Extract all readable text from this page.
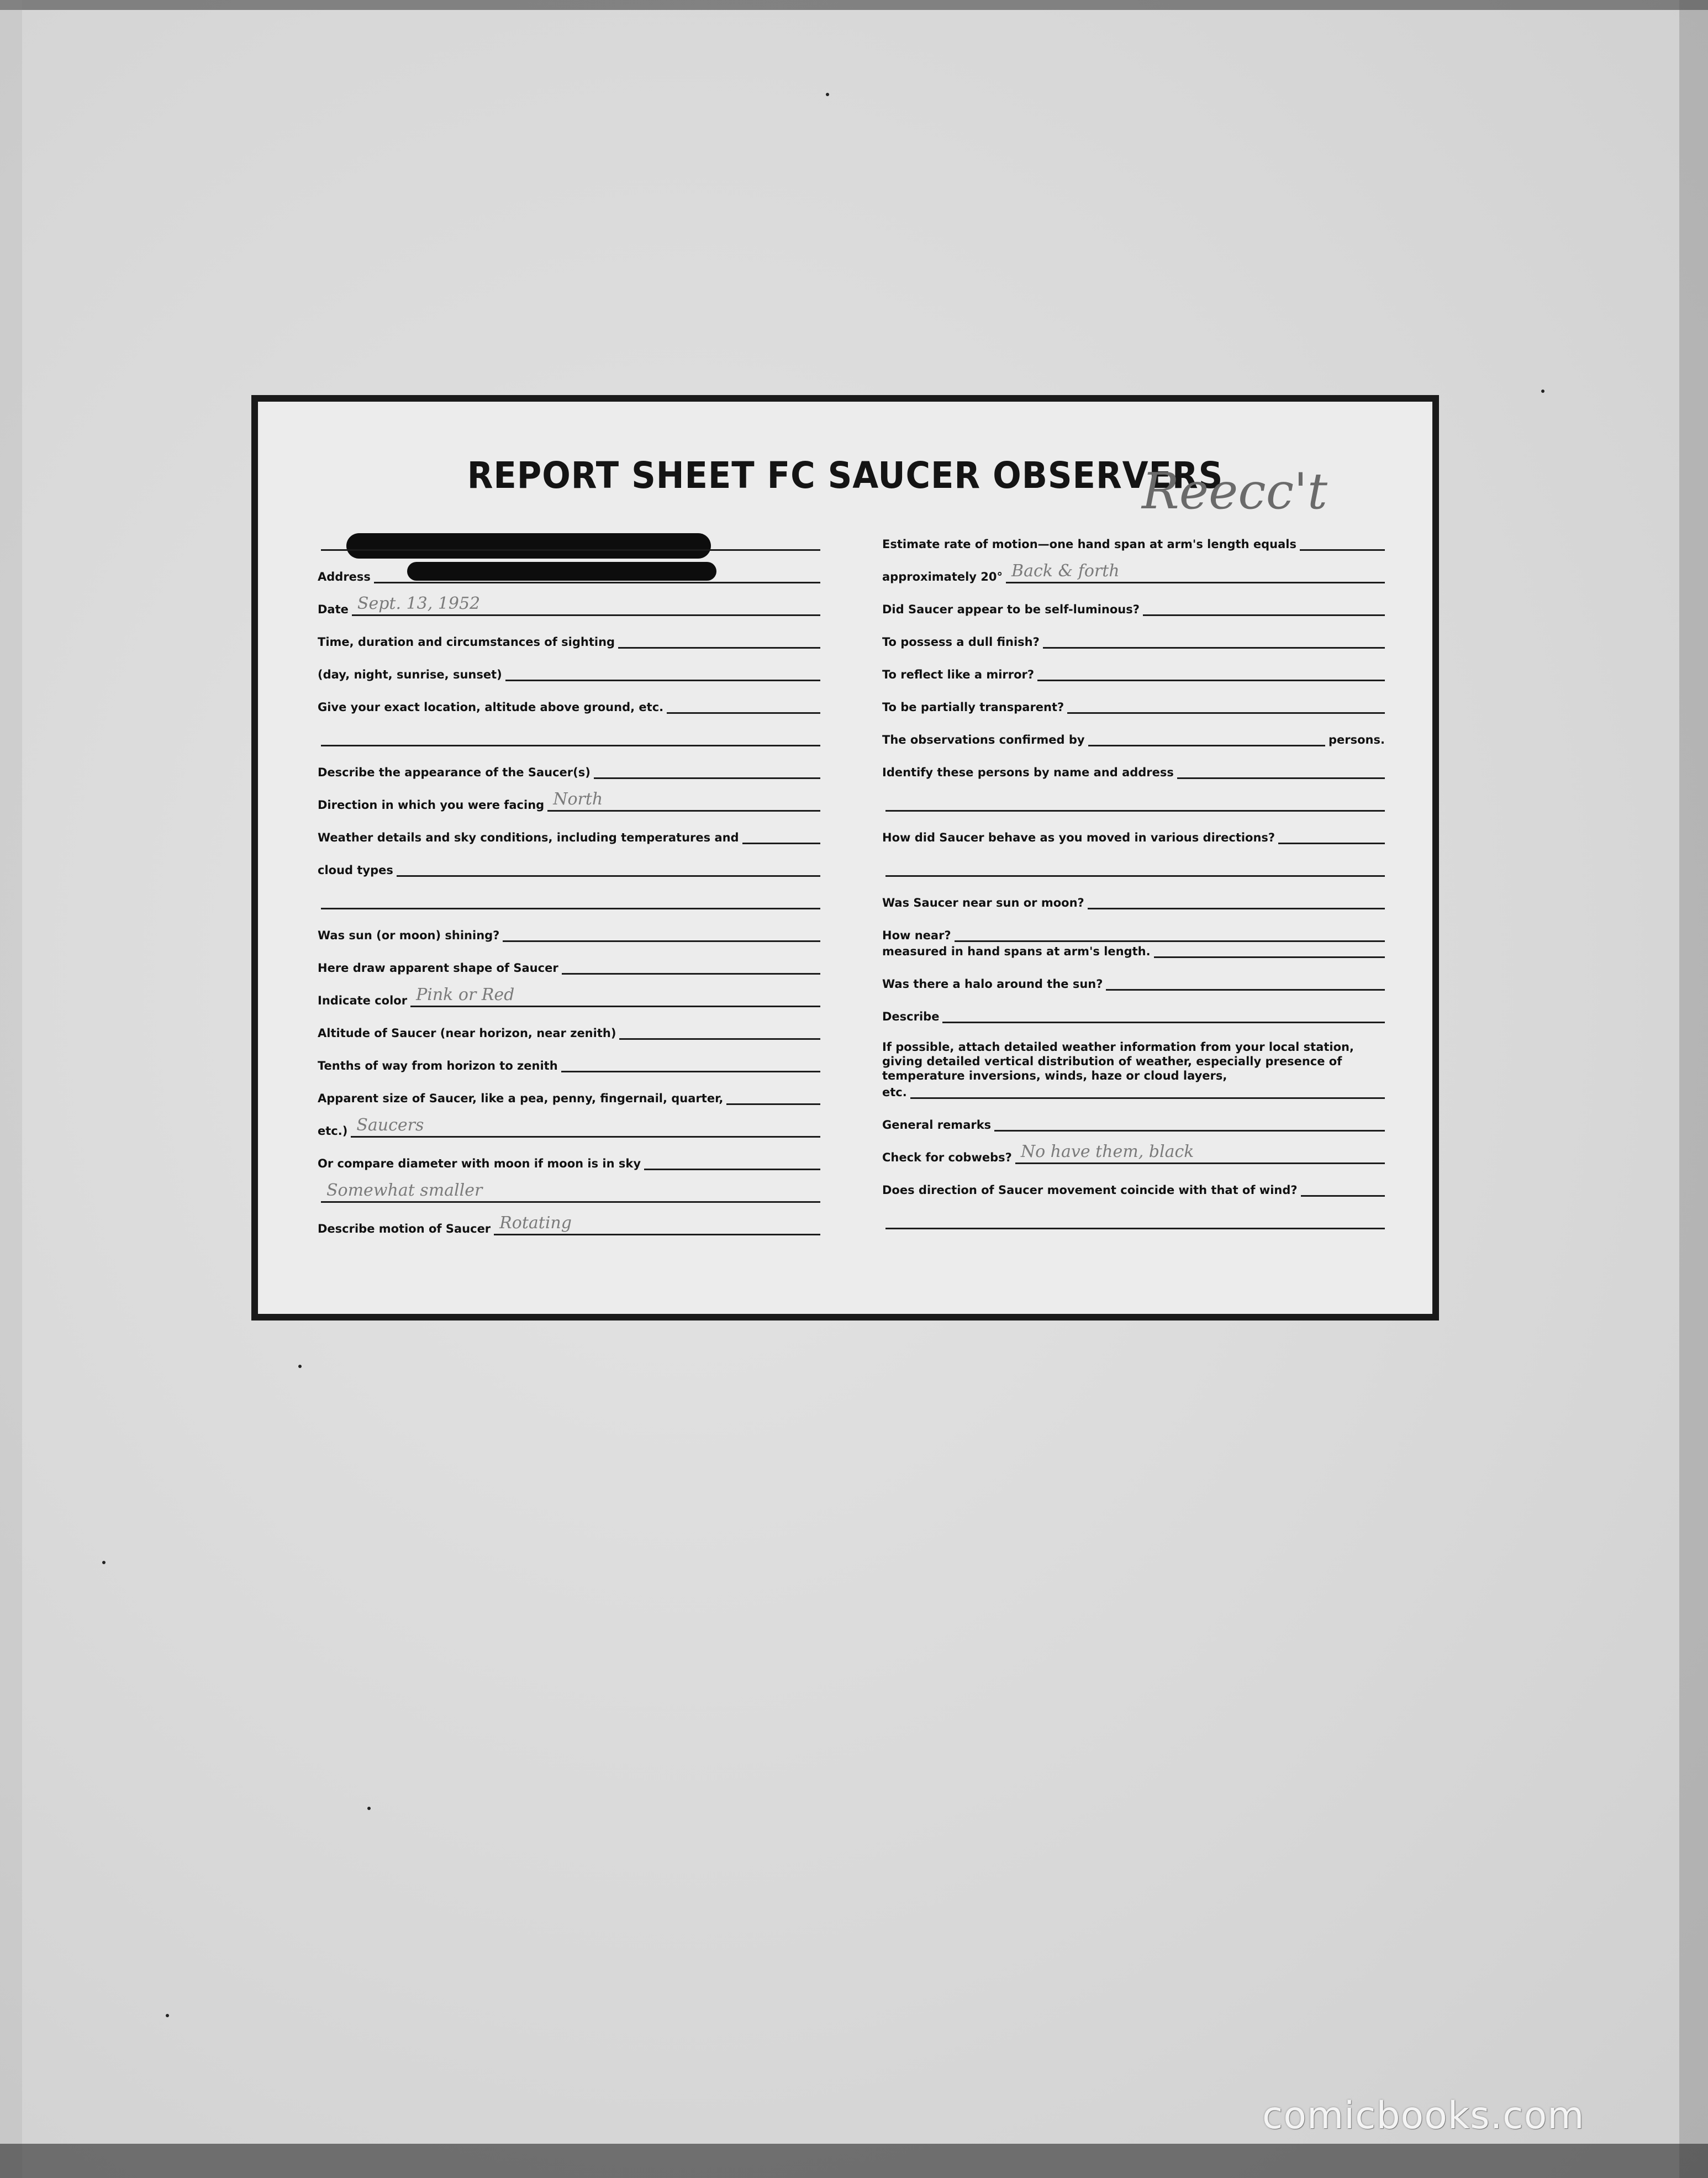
REPORT SHEET FC SAUCER OBSERVERS
Reecc't
Address
Date Sept. 13, 1952
Time, duration and circumstances of sighting
(day, night, sunrise, sunset)
Give your exact location, altitude above ground, etc.
Describe the appearance of the Saucer(s)
Direction in which you were facing North
Weather details and sky conditions, including temperatures and
cloud types
Was sun (or moon) shining?
Here draw apparent shape of Saucer
Indicate color Pink or Red
Altitude of Saucer (near horizon, near zenith)
Tenths of way from horizon to zenith
Apparent size of Saucer, like a pea, penny, fingernail, quarter,
etc.) Saucers
Or compare diameter with moon if moon is in sky
Somewhat smaller
Describe motion of Saucer Rotating
Estimate rate of motion—one hand span at arm's length equals
approximately 20° Back & forth
Did Saucer appear to be self-luminous?
To possess a dull finish?
To reflect like a mirror?
To be partially transparent?
The observations confirmed by	persons.
Identify these persons by name and address
How did Saucer behave as you moved in various directions?
Was Saucer near sun or moon?
How near?
measured in hand spans at arm's length.
Was there a halo around the sun?
Describe
If possible, attach detailed weather information from your local station, giving detailed vertical distribution of weather, especially presence of temperature inversions, winds, haze or cloud layers,
etc.
General remarks
Check for cobwebs? No have them, black
Does direction of Saucer movement coincide with that of wind?
comicbooks.com
